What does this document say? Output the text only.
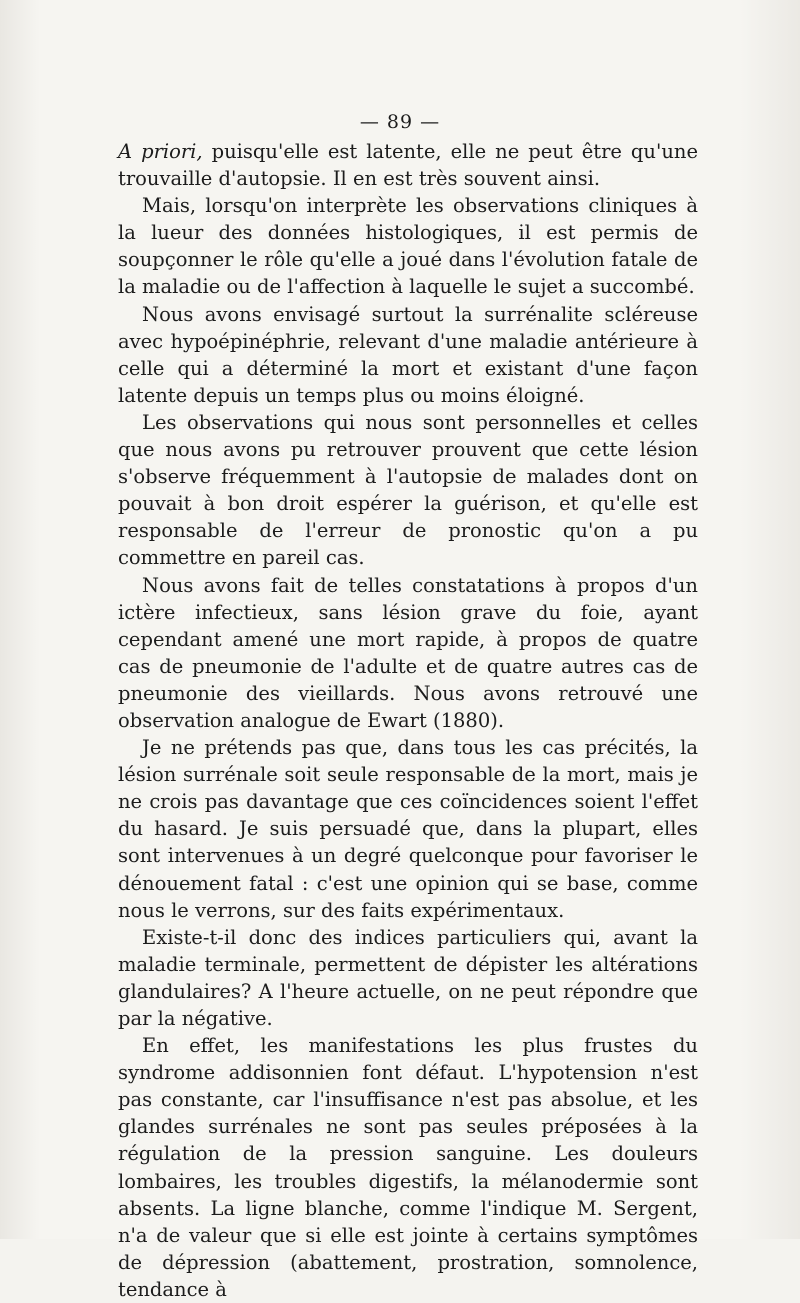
— 89 —

A priori, puisqu'elle est latente, elle ne peut être qu'une trouvaille d'autopsie. Il en est très souvent ainsi.

Mais, lorsqu'on interprète les observations cliniques à la lueur des données histologiques, il est permis de soupçonner le rôle qu'elle a joué dans l'évolution fatale de la maladie ou de l'affection à laquelle le sujet a succombé.

Nous avons envisagé surtout la surrénalite scléreuse avec hypoépinéphrie, relevant d'une maladie antérieure à celle qui a déterminé la mort et existant d'une façon latente depuis un temps plus ou moins éloigné.

Les observations qui nous sont personnelles et celles que nous avons pu retrouver prouvent que cette lésion s'observe fréquemment à l'autopsie de malades dont on pouvait à bon droit espérer la guérison, et qu'elle est responsable de l'erreur de pronostic qu'on a pu commettre en pareil cas.

Nous avons fait de telles constatations à propos d'un ictère infectieux, sans lésion grave du foie, ayant cependant amené une mort rapide, à propos de quatre cas de pneumonie de l'adulte et de quatre autres cas de pneumonie des vieillards. Nous avons retrouvé une observation analogue de Ewart (1880).

Je ne prétends pas que, dans tous les cas précités, la lésion surrénale soit seule responsable de la mort, mais je ne crois pas davantage que ces coïncidences soient l'effet du hasard. Je suis persuadé que, dans la plupart, elles sont intervenues à un degré quelconque pour favoriser le dénouement fatal : c'est une opinion qui se base, comme nous le verrons, sur des faits expérimentaux.

Existe-t-il donc des indices particuliers qui, avant la maladie terminale, permettent de dépister les altérations glandulaires? A l'heure actuelle, on ne peut répondre que par la négative.

En effet, les manifestations les plus frustes du syndrome addisonnien font défaut. L'hypotension n'est pas constante, car l'insuffisance n'est pas absolue, et les glandes surrénales ne sont pas seules préposées à la régulation de la pression sanguine. Les douleurs lombaires, les troubles digestifs, la mélanodermie sont absents. La ligne blanche, comme l'indique M. Sergent, n'a de valeur que si elle est jointe à certains symptômes de dépression (abattement, prostration, somnolence, tendance à
